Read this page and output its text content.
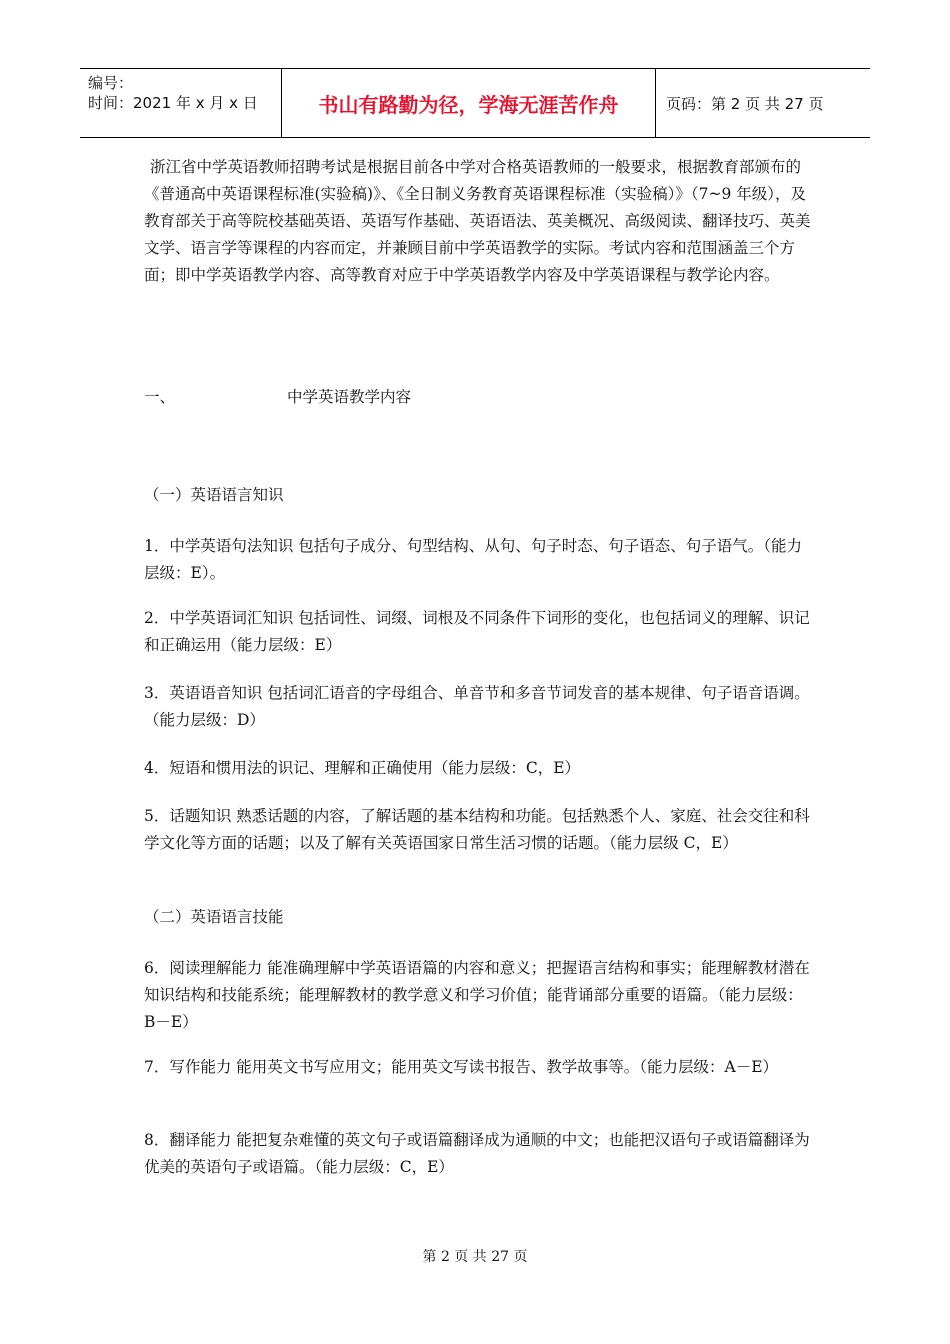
编号：
时间：2021 年 x 月 x 日	书山有路勤为径，学海无涯苦作舟	页码：第 2 页 共 27 页
浙江省中学英语教师招聘考试是根据目前各中学对合格英语教师的一般要求，根据教育部颁布的《普通高中英语课程标准(实验稿)》、《全日制义务教育英语课程标准（实验稿）》（7~9 年级），及教育部关于高等院校基础英语、英语写作基础、英语语法、英美概况、高级阅读、翻译技巧、英美文学、语言学等课程的内容而定，并兼顾目前中学英语教学的实际。考试内容和范围涵盖三个方面；即中学英语教学内容、高等教育对应于中学英语教学内容及中学英语课程与教学论内容。
一、	中学英语教学内容
（一）英语语言知识
1．中学英语句法知识 包括句子成分、句型结构、从句、句子时态、句子语态、句子语气。（能力层级：E）。
2．中学英语词汇知识 包括词性、词缀、词根及不同条件下词形的变化，也包括词义的理解、识记和正确运用（能力层级：E）
3．英语语音知识 包括词汇语音的字母组合、单音节和多音节词发音的基本规律、句子语音语调。（能力层级：D）
4．短语和惯用法的识记、理解和正确使用（能力层级：C，E）
5．话题知识 熟悉话题的内容，了解话题的基本结构和功能。包括熟悉个人、家庭、社会交往和科学文化等方面的话题；以及了解有关英语国家日常生活习惯的话题。（能力层级 C，E）
（二）英语语言技能
6．阅读理解能力 能准确理解中学英语语篇的内容和意义；把握语言结构和事实；能理解教材潜在知识结构和技能系统；能理解教材的教学意义和学习价值；能背诵部分重要的语篇。（能力层级：B－E）
7．写作能力 能用英文书写应用文；能用英文写读书报告、教学故事等。（能力层级：A－E）
8．翻译能力 能把复杂难懂的英文句子或语篇翻译成为通顺的中文；也能把汉语句子或语篇翻译为优美的英语句子或语篇。（能力层级：C，E）
第 2 页 共 27 页
